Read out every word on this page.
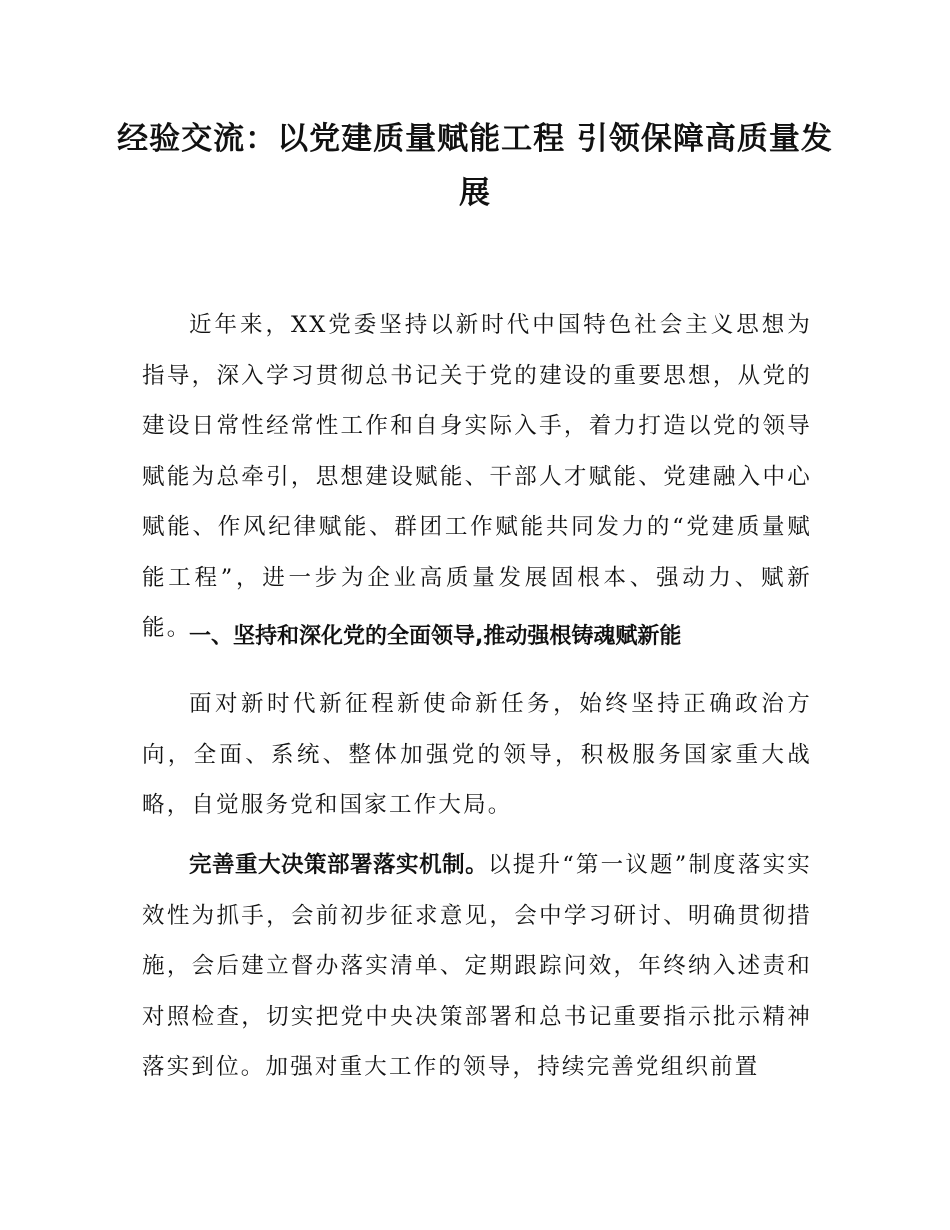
经验交流：以党建质量赋能工程 引领保障高质量发展

近年来，XX党委坚持以新时代中国特色社会主义思想为指导，深入学习贯彻总书记关于党的建设的重要思想，从党的建设日常性经常性工作和自身实际入手，着力打造以党的领导赋能为总牵引，思想建设赋能、干部人才赋能、党建融入中心赋能、作风纪律赋能、群团工作赋能共同发力的“党建质量赋能工程”，进一步为企业高质量发展固根本、强动力、赋新能。

一、坚持和深化党的全面领导,推动强根铸魂赋新能

面对新时代新征程新使命新任务，始终坚持正确政治方向，全面、系统、整体加强党的领导，积极服务国家重大战略，自觉服务党和国家工作大局。

完善重大决策部署落实机制。以提升“第一议题”制度落实实效性为抓手，会前初步征求意见，会中学习研讨、明确贯彻措施，会后建立督办落实清单、定期跟踪问效，年终纳入述责和对照检查，切实把党中央决策部署和总书记重要指示批示精神落实到位。加强对重大工作的领导，持续完善党组织前置
